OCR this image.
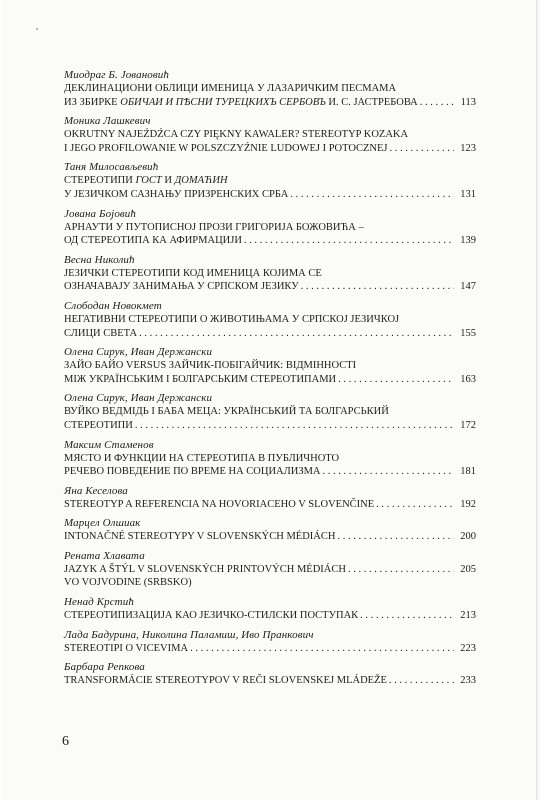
Миодраг Б. Јовановић
ДЕКЛИНАЦИОНИ ОБЛИЦИ ИМЕНИЦА У ЛАЗАРИЧКИМ ПЕСМАМА
ИЗ ЗБИРКЕ ОБИЧАИ И ПѢСНИ ТУРЕЦКИХЪ СЕРБОВЪ И. С. ЈАСТРЕБОВА . . .	113
Моника Лашкевич
OKRUTNY NAJEŹDŹCA CZY PIĘKNY KAWALER? STEREOTYP KOZAKA
I JEGO PROFILOWANIE W POLSZCZYŹNIE LUDOWEJ I POTOCZNEJ . . .	123
Таня Милосављевић
СТЕРЕОТИПИ ГОСТ И ДОМАЋИН
У ЈЕЗИЧКОМ САЗНАЊУ ПРИЗРЕНСКИХ СРБА . . .	131
Јована Бојовић
АРНАУТИ У ПУТОПИСНОЈ ПРОЗИ ГРИГОРИЈА БОЖОВИЋА –
ОД СТЕРЕОТИПА КА АФИРМАЦИЈИ . . .	139
Весна Николић
ЈЕЗИЧКИ СТЕРЕОТИПИ КОД ИМЕНИЦА КОЈИМА СЕ
ОЗНАЧАВАЈУ ЗАНИМАЊА У СРПСКОМ ЈЕЗИКУ . . .	147
Слободан Новокмет
НЕГАТИВНИ СТЕРЕОТИПИ О ЖИВОТИЊАМА У СРПСКОЈ ЈЕЗИЧКОЈ
СЛИЦИ СВЕТА . . .	155
Олена Сирук, Иван Держански
ЗАЙО БАЙО VERSUS ЗАЙЧИК-ПОБІГАЙЧИК: ВІДМІННОСТІ
МІЖ УКРАЇНСЬКИМ І БОЛГАРСЬКИМ СТЕРЕОТИПАМИ . . .	163
Олена Сирук, Иван Держански
ВУЙКО ВЕДМІДЬ І БАБА МЕЦА: УКРАЇНСЬКИЙ ТА БОЛГАРСЬКИЙ
СТЕРЕОТИПИ . . .	172
Максим Стаменов
МЯСТО И ФУНКЦИИ НА СТЕРЕОТИПА В ПУБЛИЧНОТО
РЕЧЕВО ПОВЕДЕНИЕ ПО ВРЕМЕ НА СОЦИАЛИЗМА . . .	181
Яна Кеселова
STEREOTYP A REFERENCIA NA HOVORIACEHO V SLOVENČINE . . .	192
Марцел Олшиак
INTONAČNÉ STEREOTYPY V SLOVENSKÝCH MÉDIÁCH . . .	200
Рената Хлавата
JAZYK A ŠTÝL V SLOVENSKÝCH PRINTOVÝCH MÉDIÁCH . . .	205
VO VOJVODINE (SRBSKO)
Ненад Крстић
СТЕРЕОТИПИЗАЦИЈА КАО ЈЕЗИЧКО-СТИЛСКИ ПОСТУПАК . . .	213
Лада Бадурина, Николина Паламиш, Иво Пранкович
STEREOTIPI O VICEVIMA . . .	223
Барбара Репкова
TRANSFORMÁCIE STEREOTYPOV V REČI SLOVENSKEJ MLÁDEŽE . . .	233
6
